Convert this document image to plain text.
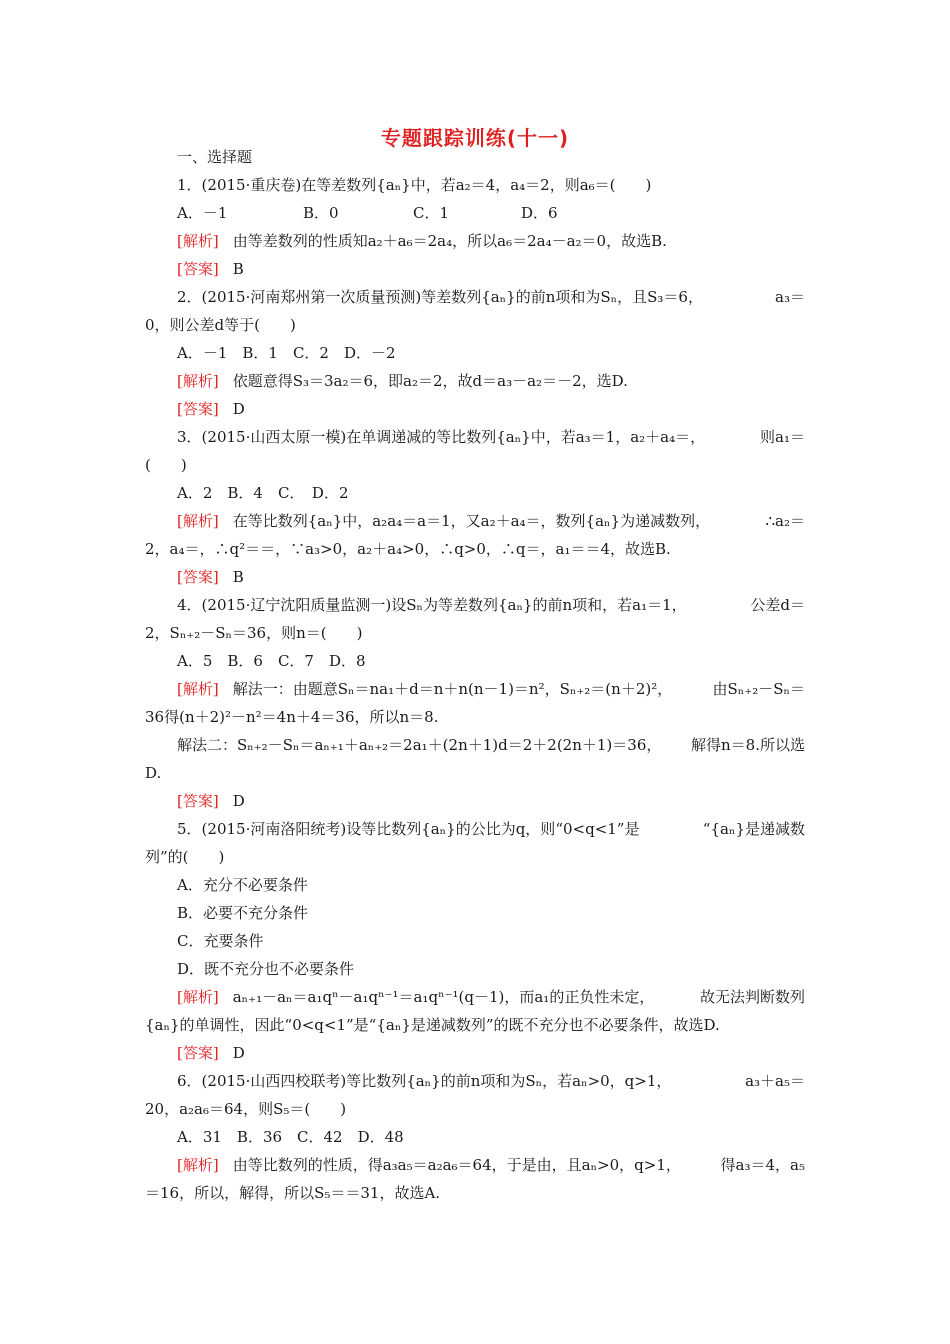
专题跟踪训练(十一)
一、选择题
1．(2015·重庆卷)在等差数列{aₙ}中，若a₂＝4，a₄＝2，则a₆＝(　　)
A．－1	B．0	C．1	D．6
[解析] 由等差数列的性质知a₂＋a₆＝2a₄，所以a₆＝2a₄－a₂＝0，故选B.
[答案] B
2．(2015·河南郑州第一次质量预测)等差数列{aₙ}的前n项和为Sₙ，且S₃＝6，	a₃＝
0，则公差d等于(　　)
A．－1　B．1　C．2　D．－2
[解析] 依题意得S₃＝3a₂＝6，即a₂＝2，故d＝a₃－a₂＝－2，选D.
[答案] D
3．(2015·山西太原一模)在单调递减的等比数列{aₙ}中，若a₃＝1，a₂＋a₄＝，	则a₁＝
(　　)
A．2　B．4　C．　D．2
[解析] 在等比数列{aₙ}中，a₂a₄＝a＝1，又a₂＋a₄＝，数列{aₙ}为递减数列，	∴a₂＝
2，a₄＝，∴q²＝＝，∵a₃>0，a₂＋a₄>0，∴q>0，∴q＝，a₁＝＝4，故选B.
[答案] B
4．(2015·辽宁沈阳质量监测一)设Sₙ为等差数列{aₙ}的前n项和，若a₁＝1，	公差d＝
2，Sₙ₊₂－Sₙ＝36，则n＝(　　)
A．5　B．6　C．7　D．8
[解析] 解法一：由题意Sₙ＝na₁＋d＝n＋n(n－1)＝n²，Sₙ₊₂＝(n＋2)²，	由Sₙ₊₂－Sₙ＝
36得(n＋2)²－n²＝4n＋4＝36，所以n＝8.
解法二：Sₙ₊₂－Sₙ＝aₙ₊₁＋aₙ₊₂＝2a₁＋(2n＋1)d＝2＋2(2n＋1)＝36， 解得n＝8.所以选
D.
[答案] D
5．(2015·河南洛阳统考)设等比数列{aₙ}的公比为q，则“0<q<1”是	“{aₙ}是递减数
列”的(　　)
A．充分不必要条件
B．必要不充分条件
C．充要条件
D．既不充分也不必要条件
[解析] aₙ₊₁－aₙ＝a₁qⁿ－a₁qⁿ⁻¹＝a₁qⁿ⁻¹(q－1)，而a₁的正负性未定，	故无法判断数列
{aₙ}的单调性，因此“0<q<1”是“{aₙ}是递减数列”的既不充分也不必要条件，故选D.
[答案] D
6．(2015·山西四校联考)等比数列{aₙ}的前n项和为Sₙ，若aₙ>0，q>1，	a₃＋a₅＝
20，a₂a₆＝64，则S₅＝(　　)
A．31　B．36　C．42　D．48
[解析] 由等比数列的性质，得a₃a₅＝a₂a₆＝64，于是由，且aₙ>0，q>1，	得a₃＝4，a₅
＝16，所以，解得，所以S₅＝＝31，故选A.
